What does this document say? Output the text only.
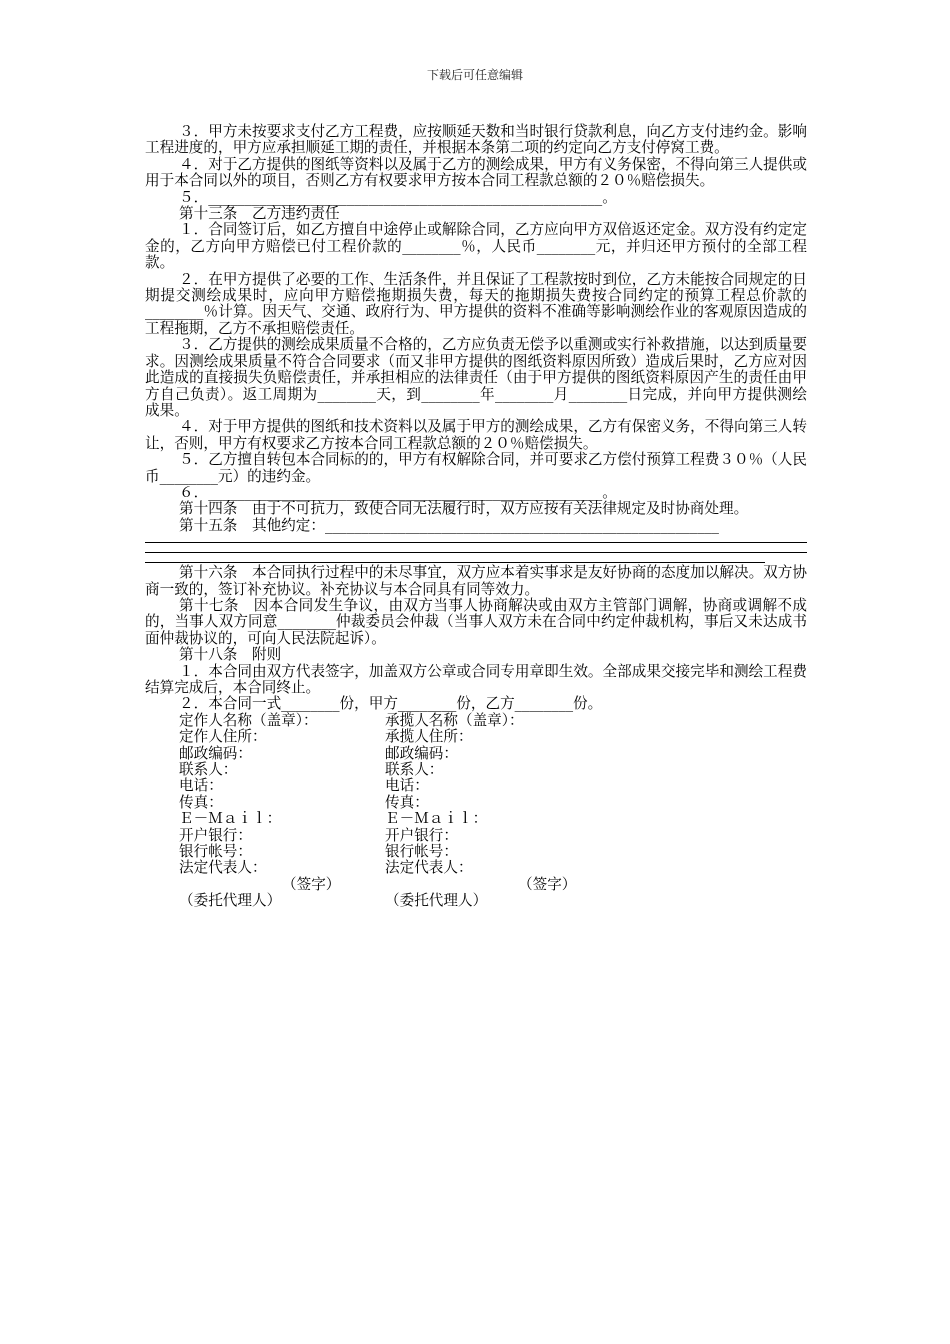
下载后可任意编辑

３．甲方未按要求支付乙方工程费，应按顺延天数和当时银行贷款利息，向乙方支付违约金。影响工程进度的，甲方应承担顺延工期的责任，并根据本条第二项的约定向乙方支付停窝工费。

４．对于乙方提供的图纸等资料以及属于乙方的测绘成果，甲方有义务保密，不得向第三人提供或用于本合同以外的项目，否则乙方有权要求甲方按本合同工程款总额的２０％赔偿损失。

５．______________________________________________________。

第十三条　乙方违约责任

１．合同签订后，如乙方擅自中途停止或解除合同，乙方应向甲方双倍返还定金。双方没有约定定金的，乙方向甲方赔偿已付工程价款的________％，人民币________元，并归还甲方预付的全部工程款。

２．在甲方提供了必要的工作、生活条件，并且保证了工程款按时到位，乙方未能按合同规定的日期提交测绘成果时，应向甲方赔偿拖期损失费，每天的拖期损失费按合同约定的预算工程总价款的________％计算。因天气、交通、政府行为、甲方提供的资料不准确等影响测绘作业的客观原因造成的工程拖期，乙方不承担赔偿责任。

３．乙方提供的测绘成果质量不合格的，乙方应负责无偿予以重测或实行补救措施，以达到质量要求。因测绘成果质量不符合合同要求（而又非甲方提供的图纸资料原因所致）造成后果时，乙方应对因此造成的直接损失负赔偿责任，并承担相应的法律责任（由于甲方提供的图纸资料原因产生的责任由甲方自己负责）。返工周期为________天，到________年________月________日完成，并向甲方提供测绘成果。

４．对于甲方提供的图纸和技术资料以及属于甲方的测绘成果，乙方有保密义务，不得向第三人转让，否则，甲方有权要求乙方按本合同工程款总额的２０％赔偿损失。

５．乙方擅自转包本合同标的的，甲方有权解除合同，并可要求乙方偿付预算工程费３０％（人民币________元）的违约金。

６．______________________________________________________。

第十四条　由于不可抗力，致使合同无法履行时，双方应按有关法律规定及时协商处理。

第十五条　其他约定：______________________________________________________

第十六条　本合同执行过程中的未尽事宜，双方应本着实事求是友好协商的态度加以解决。双方协商一致的，签订补充协议。补充协议与本合同具有同等效力。

第十七条　因本合同发生争议，由双方当事人协商解决或由双方主管部门调解，协商或调解不成的，当事人双方同意________仲裁委员会仲裁（当事人双方未在合同中约定仲裁机构，事后又未达成书面仲裁协议的，可向人民法院起诉）。

第十八条　附则

１．本合同由双方代表签字，加盖双方公章或合同专用章即生效。全部成果交接完毕和测绘工程费结算完成后，本合同终止。

２．本合同一式________份，甲方________份，乙方________份。

定作人名称（盖章）：	承揽人名称（盖章）：
定作人住所：	承揽人住所：
邮政编码：	邮政编码：
联系人：	联系人：
电话：	电话：
传真：	传真：
Ｅ－Ｍａｉｌ：	Ｅ－Ｍａｉｌ：
开户银行：	开户银行：
银行帐号：	银行帐号：
法定代表人：	法定代表人：
（签字）	（签字）
（委托代理人）	（委托代理人）
